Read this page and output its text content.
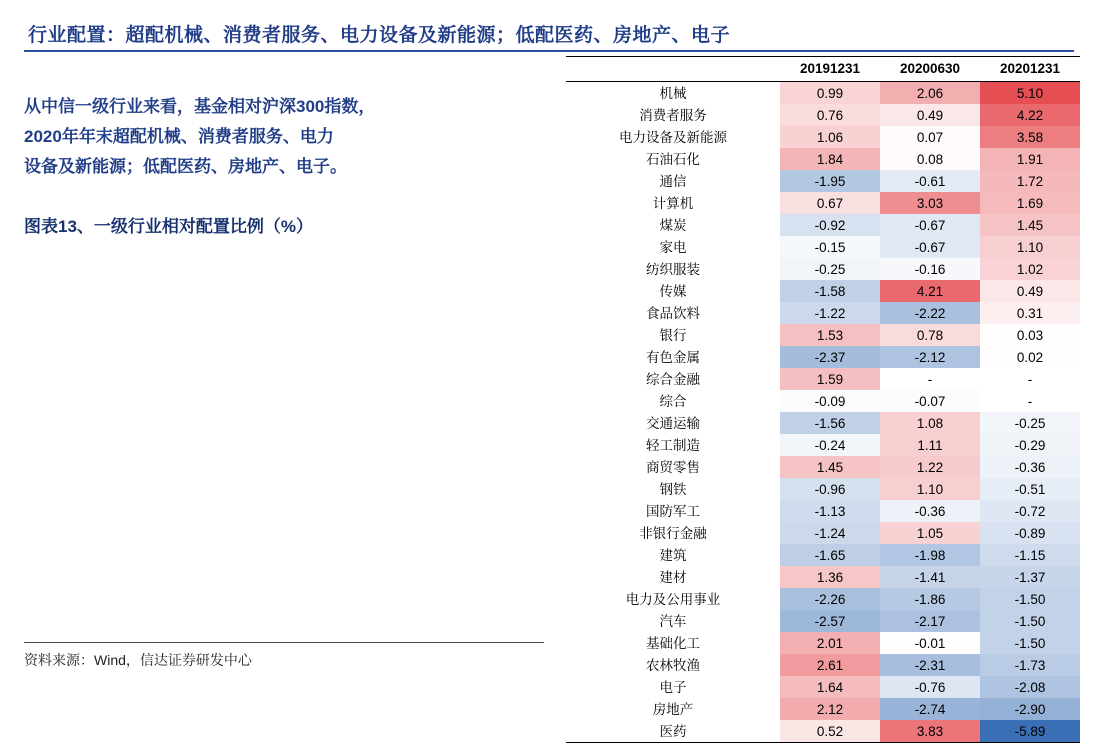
行业配置：超配机械、消费者服务、电力设备及新能源；低配医药、房地产、电子
从中信一级行业来看，基金相对沪深300指数，
2020年年末超配机械、消费者服务、电力
设备及新能源；低配医药、房地产、电子。
图表13、一级行业相对配置比例（%）
资料来源：Wind，信达证券研发中心
	20191231	20200630	20201231
机械	0.99	2.06	5.10
消费者服务	0.76	0.49	4.22
电力设备及新能源	1.06	0.07	3.58
石油石化	1.84	0.08	1.91
通信	-1.95	-0.61	1.72
计算机	0.67	3.03	1.69
煤炭	-0.92	-0.67	1.45
家电	-0.15	-0.67	1.10
纺织服装	-0.25	-0.16	1.02
传媒	-1.58	4.21	0.49
食品饮料	-1.22	-2.22	0.31
银行	1.53	0.78	0.03
有色金属	-2.37	-2.12	0.02
综合金融	1.59	-	-
综合	-0.09	-0.07	-
交通运输	-1.56	1.08	-0.25
轻工制造	-0.24	1.11	-0.29
商贸零售	1.45	1.22	-0.36
钢铁	-0.96	1.10	-0.51
国防军工	-1.13	-0.36	-0.72
非银行金融	-1.24	1.05	-0.89
建筑	-1.65	-1.98	-1.15
建材	1.36	-1.41	-1.37
电力及公用事业	-2.26	-1.86	-1.50
汽车	-2.57	-2.17	-1.50
基础化工	2.01	-0.01	-1.50
农林牧渔	2.61	-2.31	-1.73
电子	1.64	-0.76	-2.08
房地产	2.12	-2.74	-2.90
医药	0.52	3.83	-5.89
